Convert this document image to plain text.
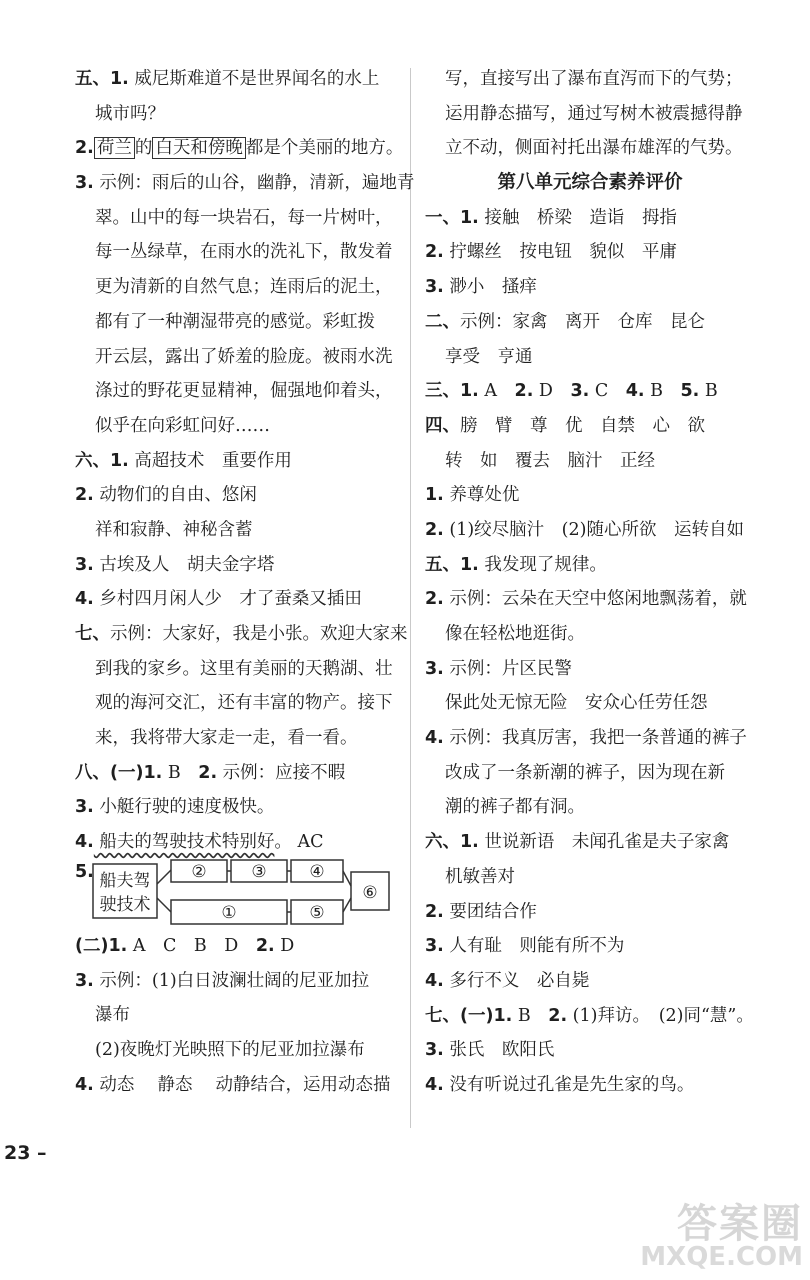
五、1. 威尼斯难道不是世界闻名的水上
城市吗？
2. 荷兰 的 白天和傍晚 都是个美丽的地方。
3. 示例：雨后的山谷，幽静，清新，遍地青
翠。山中的每一块岩石，每一片树叶，
每一丛绿草，在雨水的洗礼下，散发着
更为清新的自然气息；连雨后的泥土，
都有了一种潮湿带亮的感觉。彩虹拨
开云层，露出了娇羞的脸庞。被雨水洗
涤过的野花更显精神，倔强地仰着头，
似乎在向彩虹问好……
六、1. 高超技术　重要作用
2. 动物们的自由、悠闲
祥和寂静、神秘含蓄
3. 古埃及人　胡夫金字塔
4. 乡村四月闲人少　才了蚕桑又插田
七、示例：大家好，我是小张。欢迎大家来
到我的家乡。这里有美丽的天鹅湖、壮
观的海河交汇，还有丰富的物产。接下
来，我将带大家走一走，看一看。
八、(一)1. B　2. 示例：应接不暇
3. 小艇行驶的速度极快。
4. 船夫的驾驶技术特别好。 AC
5. 船夫驾
驶技术
②	③	④
①	⑤
⑥
(二)1. A　C　B　D　2. D
3. 示例：(1)白日波澜壮阔的尼亚加拉
瀑布
(2)夜晚灯光映照下的尼亚加拉瀑布
4. 动态　 静态　 动静结合，运用动态描
写，直接写出了瀑布直泻而下的气势；
运用静态描写，通过写树木被震撼得静
立不动，侧面衬托出瀑布雄浑的气势。
第八单元综合素养评价
一、1. 接触　桥梁　造诣　拇指
2. 拧螺丝　按电钮　貌似　平庸
3. 渺小　搔痒
二、示例：家禽　离开　仓库　昆仑
享受　亨通
三、1. A　2. D　3. C　4. B　5. B
四、膀　臂　尊　优　自禁　心　欲
转　如　覆去　脑汁　正经
1. 养尊处优
2. (1)绞尽脑汁　(2)随心所欲　运转自如
五、1. 我发现了规律。
2. 示例：云朵在天空中悠闲地飘荡着，就
像在轻松地逛街。
3. 示例：片区民警
保此处无惊无险　安众心任劳任怨
4. 示例：我真厉害，我把一条普通的裤子
改成了一条新潮的裤子，因为现在新
潮的裤子都有洞。
六、1. 世说新语　未闻孔雀是夫子家禽
机敏善对
2. 要团结合作
3. 人有耻　则能有所不为
4. 多行不义　必自毙
七、(一)1. B　2. (1)拜访。　(2)同“慧”。
3. 张氏　欧阳氏
4. 没有听说过孔雀是先生家的鸟。
23 –
答案圈
MXQE.COM
